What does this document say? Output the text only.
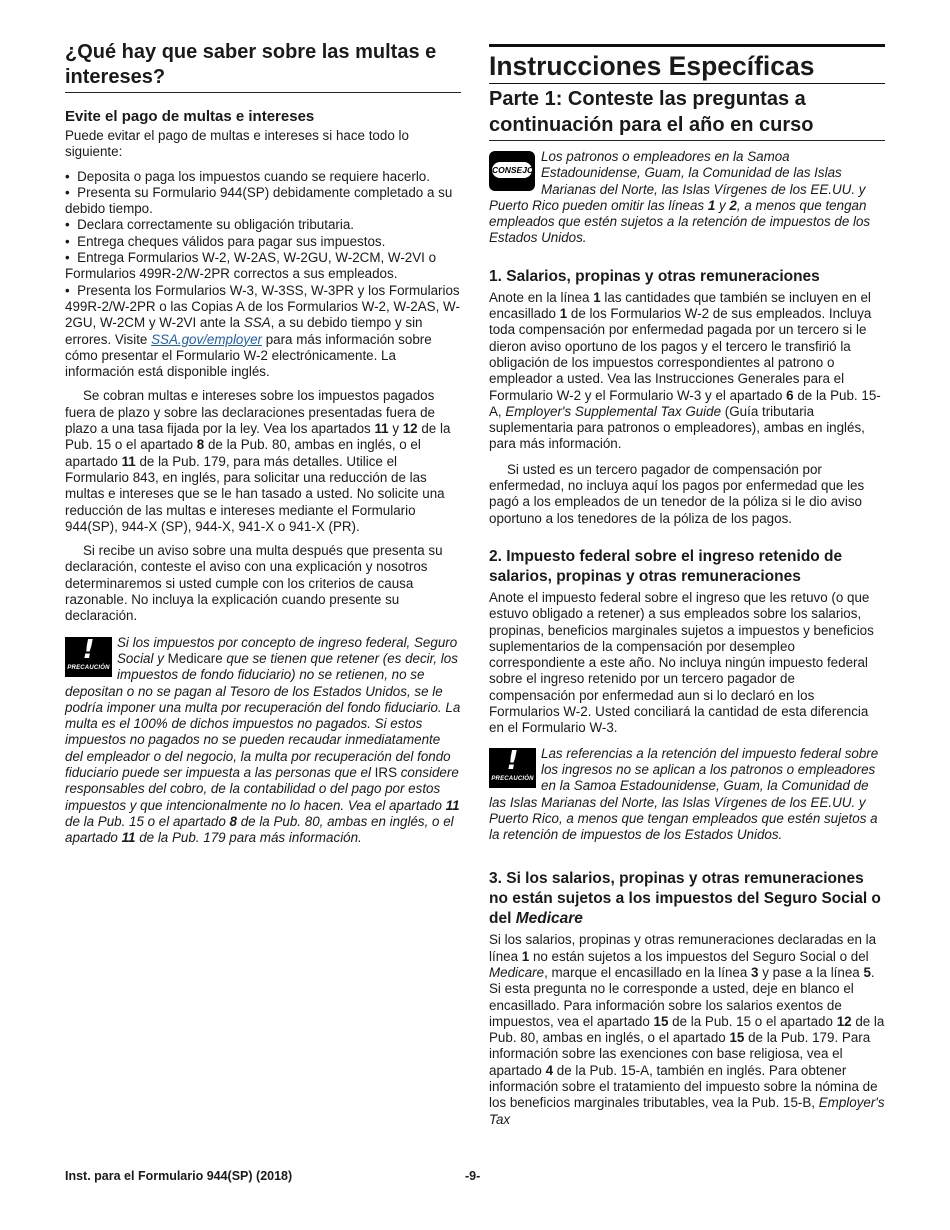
¿Qué hay que saber sobre las multas e intereses?
Evite el pago de multas e intereses

Puede evitar el pago de multas e intereses si hace todo lo siguiente:

•  Deposita o paga los impuestos cuando se requiere hacerlo.

•  Presenta su Formulario 944(SP) debidamente completado a su debido tiempo.

•  Declara correctamente su obligación tributaria.

•  Entrega cheques válidos para pagar sus impuestos.

•  Entrega Formularios W-2, W-2AS, W-2GU, W-2CM, W-2VI o Formularios 499R-2/W-2PR correctos a sus empleados.

•  Presenta los Formularios W-3, W-3SS, W-3PR y los Formularios 499R-2/W-2PR o las Copias A de los Formularios W-2, W-2AS, W-2GU, W-2CM y W-2VI ante la SSA, a su debido tiempo y sin errores. Visite SSA.gov/employer para más información sobre cómo presentar el Formulario W-2 electrónicamente. La información está disponible inglés.

Se cobran multas e intereses sobre los impuestos pagados fuera de plazo y sobre las declaraciones presentadas fuera de plazo a una tasa fijada por la ley. Vea los apartados 11 y 12 de la Pub. 15 o el apartado 8 de la Pub. 80, ambas en inglés, o el apartado 11 de la Pub. 179, para más detalles. Utilice el Formulario 843, en inglés, para solicitar una reducción de las multas e intereses que se le han tasado a usted. No solicite una reducción de las multas e intereses mediante el Formulario 944(SP), 944-X (SP), 944-X, 941-X o 941-X (PR).

Si recibe un aviso sobre una multa después que presenta su declaración, conteste el aviso con una explicación y nosotros determinaremos si usted cumple con los criterios de causa razonable. No incluya la explicación cuando presente su declaración.

!
PRECAUCIÓN
Si los impuestos por concepto de ingreso federal, Seguro Social y Medicare que se tienen que retener (es decir, los impuestos de fondo fiduciario) no se retienen, no se depositan o no se pagan al Tesoro de los Estados Unidos, se le podría imponer una multa por recuperación del fondo fiduciario. La multa es el 100% de dichos impuestos no pagados. Si estos impuestos no pagados no se pueden recaudar inmediatamente del empleador o del negocio, la multa por recuperación del fondo fiduciario puede ser impuesta a las personas que el IRS considere responsables del cobro, de la contabilidad o del pago por estos impuestos y que intencionalmente no lo hacen. Vea el apartado 11 de la Pub. 15 o el apartado 8 de la Pub. 80, ambas en inglés, o el apartado 11 de la Pub. 179 para más información.
Instrucciones Específicas
Parte 1: Conteste las preguntas a continuación para el año en curso
CONSEJO
Los patronos o empleadores en la Samoa Estadounidense, Guam, la Comunidad de las Islas Marianas del Norte, las Islas Vírgenes de los EE.UU. y Puerto Rico pueden omitir las líneas 1 y 2, a menos que tengan empleados que estén sujetos a la retención de impuestos de los Estados Unidos.
1. Salarios, propinas y otras remuneraciones

Anote en la línea 1 las cantidades que también se incluyen en el encasillado 1 de los Formularios W-2 de sus empleados. Incluya toda compensación por enfermedad pagada por un tercero si le dieron aviso oportuno de los pagos y el tercero le transfirió la obligación de los impuestos correspondientes al patrono o empleador a usted. Vea las Instrucciones Generales para el Formulario W-2 y el Formulario W-3 y el apartado 6 de la Pub. 15-A, Employer's Supplemental Tax Guide (Guía tributaria suplementaria para patronos o empleadores), ambas en inglés, para más información.

Si usted es un tercero pagador de compensación por enfermedad, no incluya aquí los pagos por enfermedad que les pagó a los empleados de un tenedor de la póliza si le dio aviso oportuno a los tenedores de la póliza de los pagos.

2. Impuesto federal sobre el ingreso retenido de salarios, propinas y otras remuneraciones

Anote el impuesto federal sobre el ingreso que les retuvo (o que estuvo obligado a retener) a sus empleados sobre los salarios, propinas, beneficios marginales sujetos a impuestos y beneficios suplementarios de la compensación por desempleo correspondiente a este año. No incluya ningún impuesto federal sobre el ingreso retenido por un tercero pagador de compensación por enfermedad aun si lo declaró en los Formularios W-2. Usted conciliará la cantidad de esta diferencia en el Formulario W-3.

!
PRECAUCIÓN
Las referencias a la retención del impuesto federal sobre los ingresos no se aplican a los patronos o empleadores en la Samoa Estadounidense, Guam, la Comunidad de las Islas Marianas del Norte, las Islas Vírgenes de los EE.UU. y Puerto Rico, a menos que tengan empleados que estén sujetos a la retención de impuestos de los Estados Unidos.
3. Si los salarios, propinas y otras remuneraciones no están sujetos a los impuestos del Seguro Social o del Medicare

Si los salarios, propinas y otras remuneraciones declaradas en la línea 1 no están sujetos a los impuestos del Seguro Social o del Medicare, marque el encasillado en la línea 3 y pase a la línea 5. Si esta pregunta no le corresponde a usted, deje en blanco el encasillado. Para información sobre los salarios exentos de impuestos, vea el apartado 15 de la Pub. 15 o el apartado 12 de la Pub. 80, ambas en inglés, o el apartado 15 de la Pub. 179. Para información sobre las exenciones con base religiosa, vea el apartado 4 de la Pub. 15-A, también en inglés. Para obtener información sobre el tratamiento del impuesto sobre la nómina de los beneficios marginales tributables, vea la Pub. 15-B, Employer's Tax

Inst. para el Formulario 944(SP) (2018)	-9-
